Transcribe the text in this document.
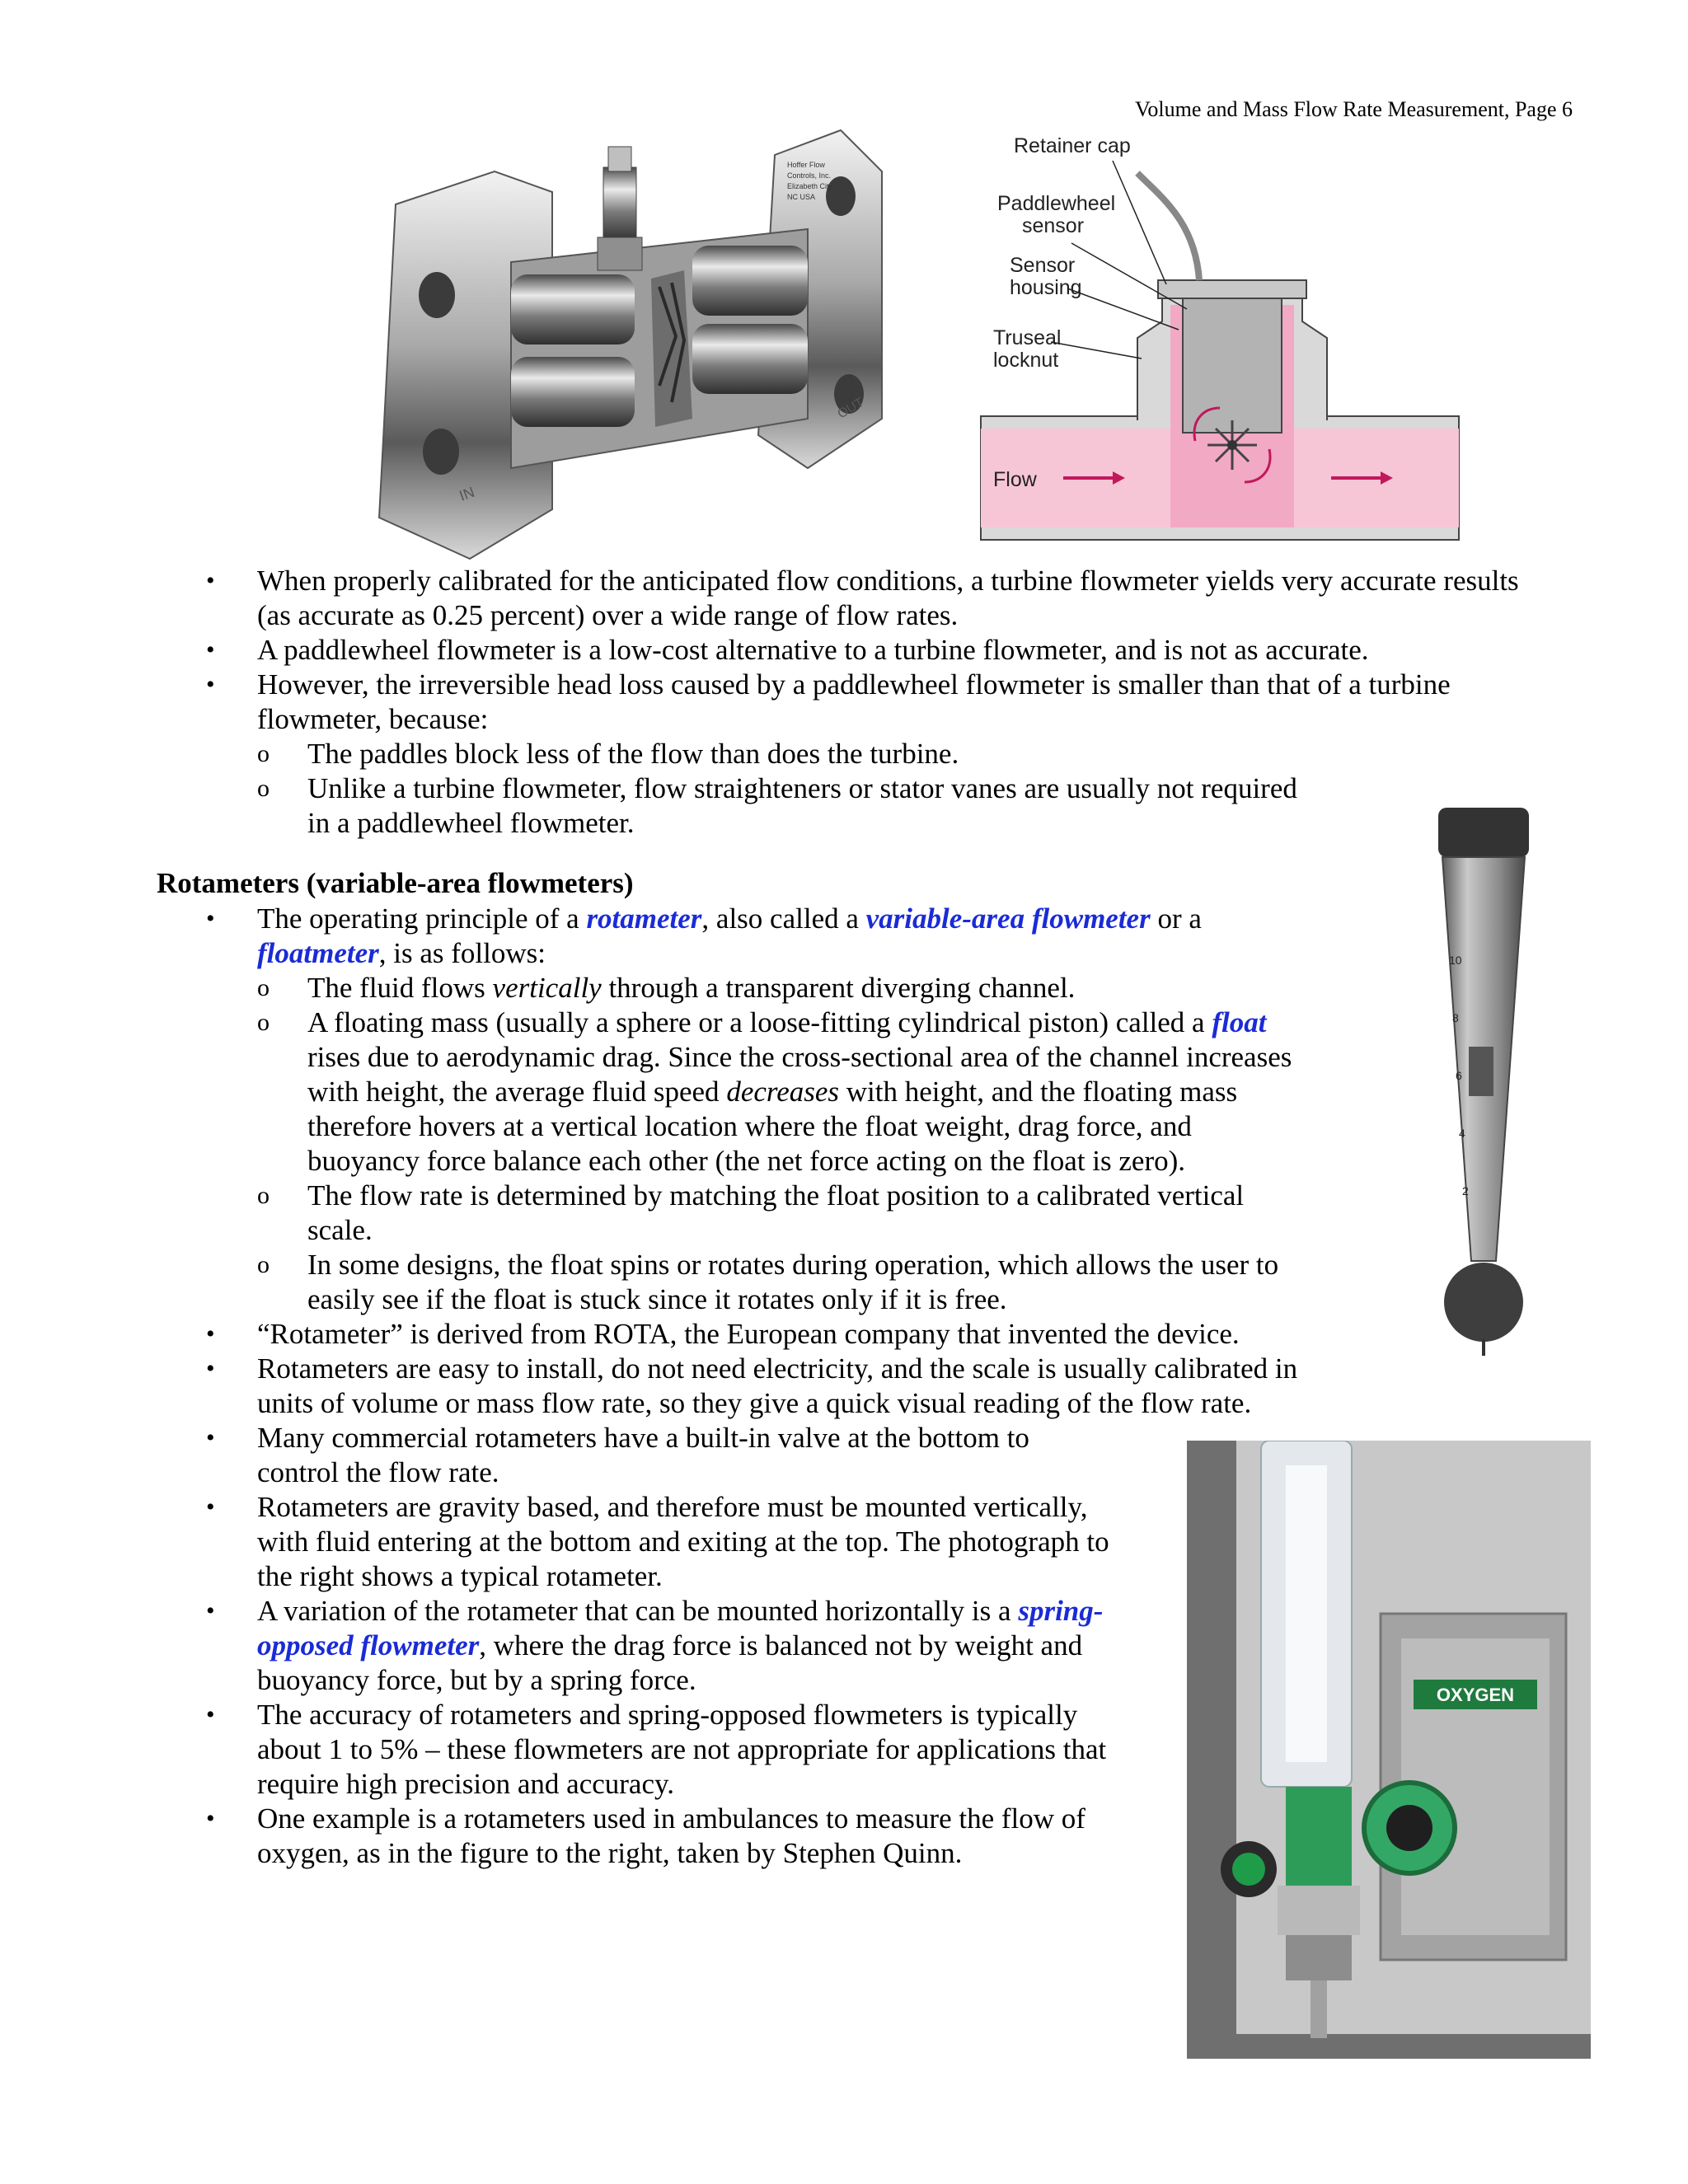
Volume and Mass Flow Rate Measurement, Page 6
Hoffer Flow
Controls, Inc.
Elizabeth City
NC USA
IN
OUT
Retainer cap
Paddlewheel
sensor
Sensor
housing
Truseal
locknut
Flow
10
8
6
4
2
OXYGEN
• When properly calibrated for the anticipated flow conditions, a turbine flowmeter yields very accurate results
(as accurate as 0.25 percent) over a wide range of flow rates.
• A paddlewheel flowmeter is a low-cost alternative to a turbine flowmeter, and is not as accurate.
• However, the irreversible head loss caused by a paddlewheel flowmeter is smaller than that of a turbine
flowmeter, because:
o The paddles block less of the flow than does the turbine.
o Unlike a turbine flowmeter, flow straighteners or stator vanes are usually not required
in a paddlewheel flowmeter.
Rotameters (variable-area flowmeters)
• The operating principle of a rotameter, also called a variable-area flowmeter or a
floatmeter, is as follows:
o The fluid flows vertically through a transparent diverging channel.
o A floating mass (usually a sphere or a loose-fitting cylindrical piston) called a float
rises due to aerodynamic drag. Since the cross-sectional area of the channel increases
with height, the average fluid speed decreases with height, and the floating mass
therefore hovers at a vertical location where the float weight, drag force, and
buoyancy force balance each other (the net force acting on the float is zero).
o The flow rate is determined by matching the float position to a calibrated vertical
scale.
o In some designs, the float spins or rotates during operation, which allows the user to
easily see if the float is stuck since it rotates only if it is free.
• “Rotameter” is derived from ROTA, the European company that invented the device.
• Rotameters are easy to install, do not need electricity, and the scale is usually calibrated in
units of volume or mass flow rate, so they give a quick visual reading of the flow rate.
• Many commercial rotameters have a built-in valve at the bottom to
control the flow rate.
• Rotameters are gravity based, and therefore must be mounted vertically,
with fluid entering at the bottom and exiting at the top. The photograph to
the right shows a typical rotameter.
• A variation of the rotameter that can be mounted horizontally is a spring-
opposed flowmeter, where the drag force is balanced not by weight and
buoyancy force, but by a spring force.
• The accuracy of rotameters and spring-opposed flowmeters is typically
about 1 to 5% – these flowmeters are not appropriate for applications that
require high precision and accuracy.
• One example is a rotameters used in ambulances to measure the flow of
oxygen, as in the figure to the right, taken by Stephen Quinn.
